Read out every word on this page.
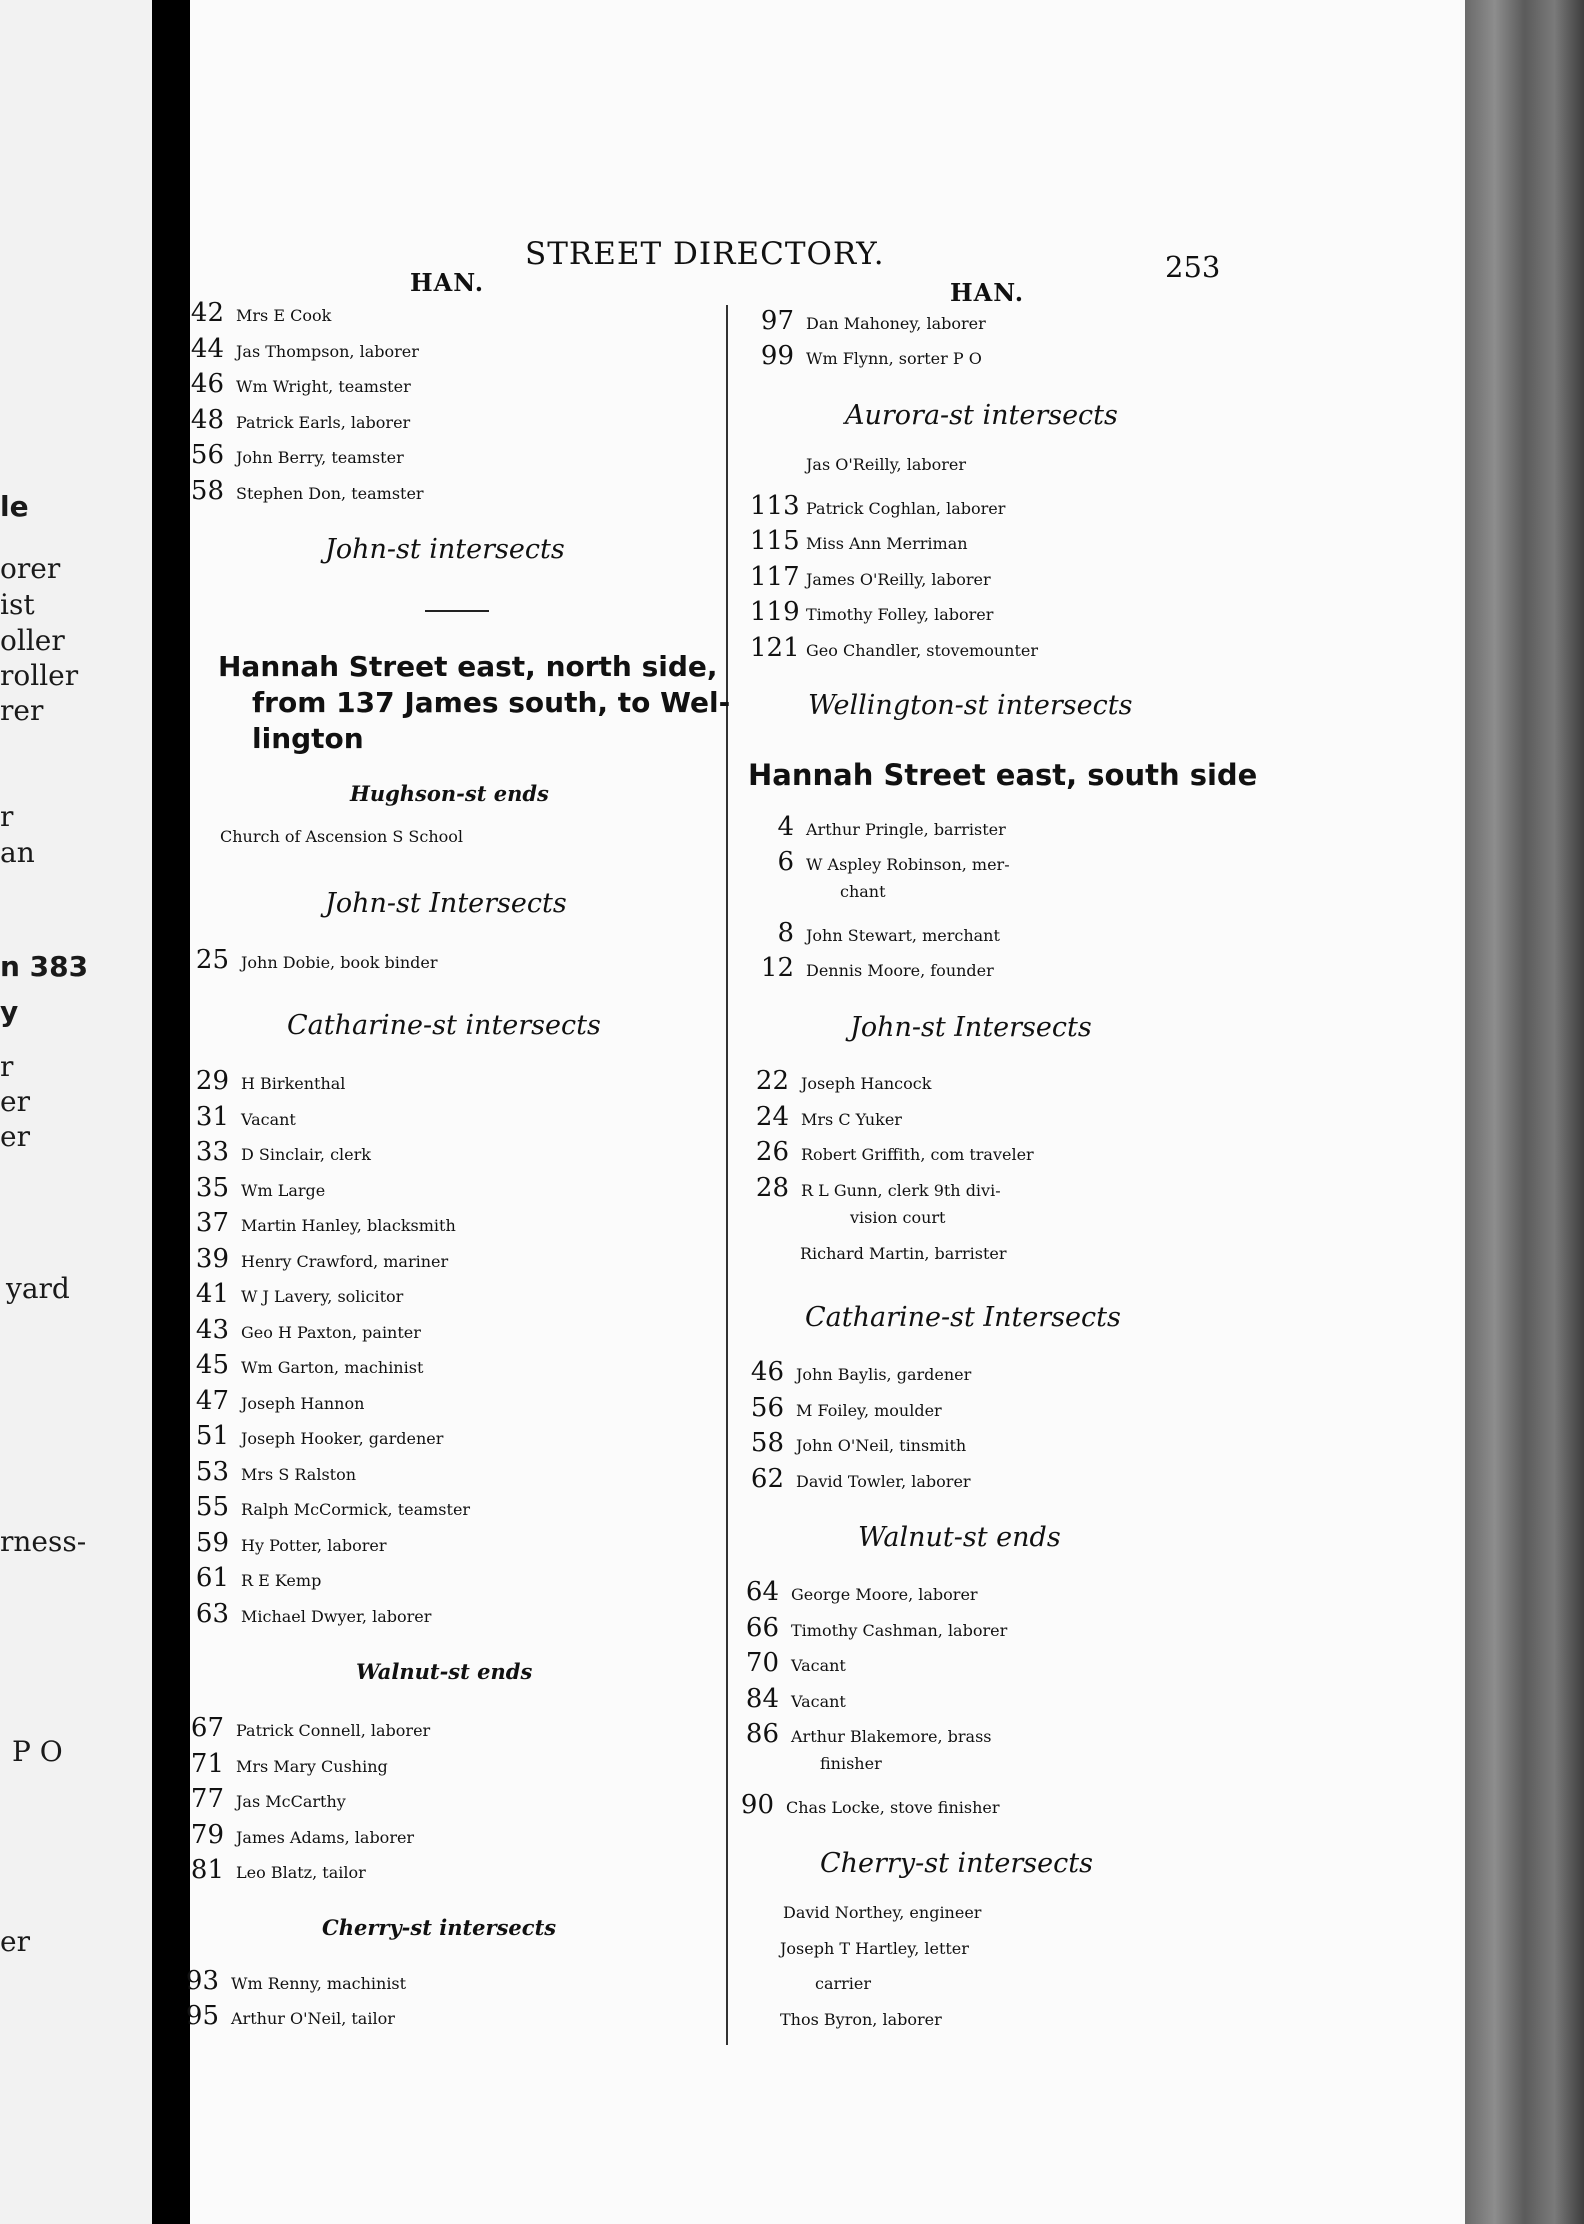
le
orer
ist
oller
roller
rer
r
an
n 383
y
r
er
er
yard
rness-
P O
er
STREET DIRECTORY.	253
HAN.	HAN.
42 Mrs E Cook
44 Jas Thompson, laborer
46 Wm Wright, teamster
48 Patrick Earls, laborer
56 John Berry, teamster
58 Stephen Don, teamster
John-st intersects
Hannah Street east, north side,
from 137 James south, to Wel-
lington
Hughson-st ends
Church of Ascension S School
John-st Intersects
25 John Dobie, book binder
Catharine-st intersects
29 H Birkenthal
31 Vacant
33 D Sinclair, clerk
35 Wm Large
37 Martin Hanley, blacksmith
39 Henry Crawford, mariner
41 W J Lavery, solicitor
43 Geo H Paxton, painter
45 Wm Garton, machinist
47 Joseph Hannon
51 Joseph Hooker, gardener
53 Mrs S Ralston
55 Ralph McCormick, teamster
59 Hy Potter, laborer
61 R E Kemp
63 Michael Dwyer, laborer
Walnut-st ends
67 Patrick Connell, laborer
71 Mrs Mary Cushing
77 Jas McCarthy
79 James Adams, laborer
81 Leo Blatz, tailor
Cherry-st intersects
93 Wm Renny, machinist
95 Arthur O'Neil, tailor
97 Dan Mahoney, laborer
99 Wm Flynn, sorter P O
Aurora-st intersects
Jas O'Reilly, laborer
113 Patrick Coghlan, laborer
115 Miss Ann Merriman
117 James O'Reilly, laborer
119 Timothy Folley, laborer
121 Geo Chandler, stovemounter
Wellington-st intersects
Hannah Street east, south side
4 Arthur Pringle, barrister
6 W Aspley Robinson, mer-
chant
8 John Stewart, merchant
12 Dennis Moore, founder
John-st Intersects
22 Joseph Hancock
24 Mrs C Yuker
26 Robert Griffith, com traveler
28 R L Gunn, clerk 9th divi-
vision court
Richard Martin, barrister
Catharine-st Intersects
46 John Baylis, gardener
56 M Foiley, moulder
58 John O'Neil, tinsmith
62 David Towler, laborer
Walnut-st ends
64 George Moore, laborer
66 Timothy Cashman, laborer
70 Vacant
84 Vacant
86 Arthur Blakemore, brass
finisher
90 Chas Locke, stove finisher
Cherry-st intersects
David Northey, engineer
Joseph T Hartley, letter
carrier
Thos Byron, laborer
